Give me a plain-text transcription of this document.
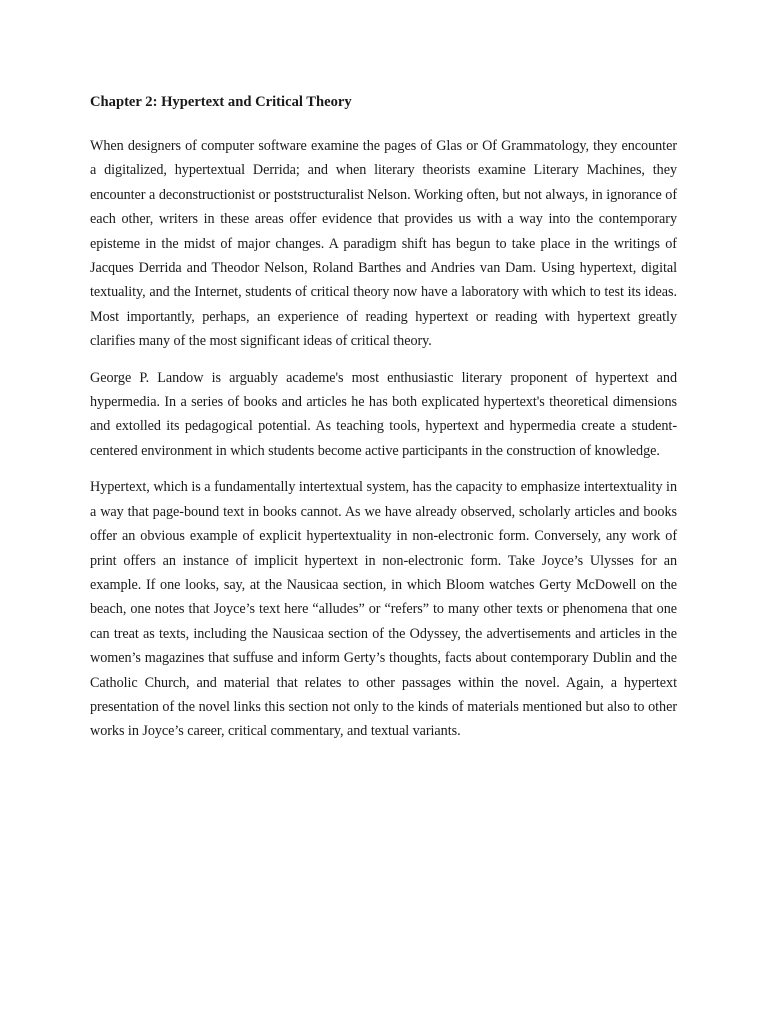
Chapter 2: Hypertext and Critical Theory

When designers of computer software examine the pages of Glas or Of Grammatology, they encounter a digitalized, hypertextual Derrida; and when literary theorists examine Literary Machines, they encounter a deconstructionist or poststructuralist Nelson. Working often, but not always, in ignorance of each other, writers in these areas offer evidence that provides us with a way into the contemporary episteme in the midst of major changes. A paradigm shift has begun to take place in the writings of Jacques Derrida and Theodor Nelson, Roland Barthes and Andries van Dam. Using hypertext, digital textuality, and the Internet, students of critical theory now have a laboratory with which to test its ideas. Most importantly, perhaps, an experience of reading hypertext or reading with hypertext greatly clarifies many of the most significant ideas of critical theory.

George P. Landow is arguably academe's most enthusiastic literary proponent of hypertext and hypermedia. In a series of books and articles he has both explicated hypertext's theoretical dimensions and extolled its pedagogical potential. As teaching tools, hypertext and hypermedia create a student-centered environment in which students become active participants in the construction of knowledge.

Hypertext, which is a fundamentally intertextual system, has the capacity to emphasize intertextuality in a way that page-bound text in books cannot. As we have already observed, scholarly articles and books offer an obvious example of explicit hypertextuality in non-electronic form. Conversely, any work of print offers an instance of implicit hypertext in non-electronic form. Take Joyce’s Ulysses for an example. If one looks, say, at the Nausicaa section, in which Bloom watches Gerty McDowell on the beach, one notes that Joyce’s text here “alludes” or “refers” to many other texts or phenomena that one can treat as texts, including the Nausicaa section of the Odyssey, the advertisements and articles in the women’s magazines that suffuse and inform Gerty’s thoughts, facts about contemporary Dublin and the Catholic Church, and material that relates to other passages within the novel. Again, a hypertext presentation of the novel links this section not only to the kinds of materials mentioned but also to other works in Joyce’s career, critical commentary, and textual variants.
